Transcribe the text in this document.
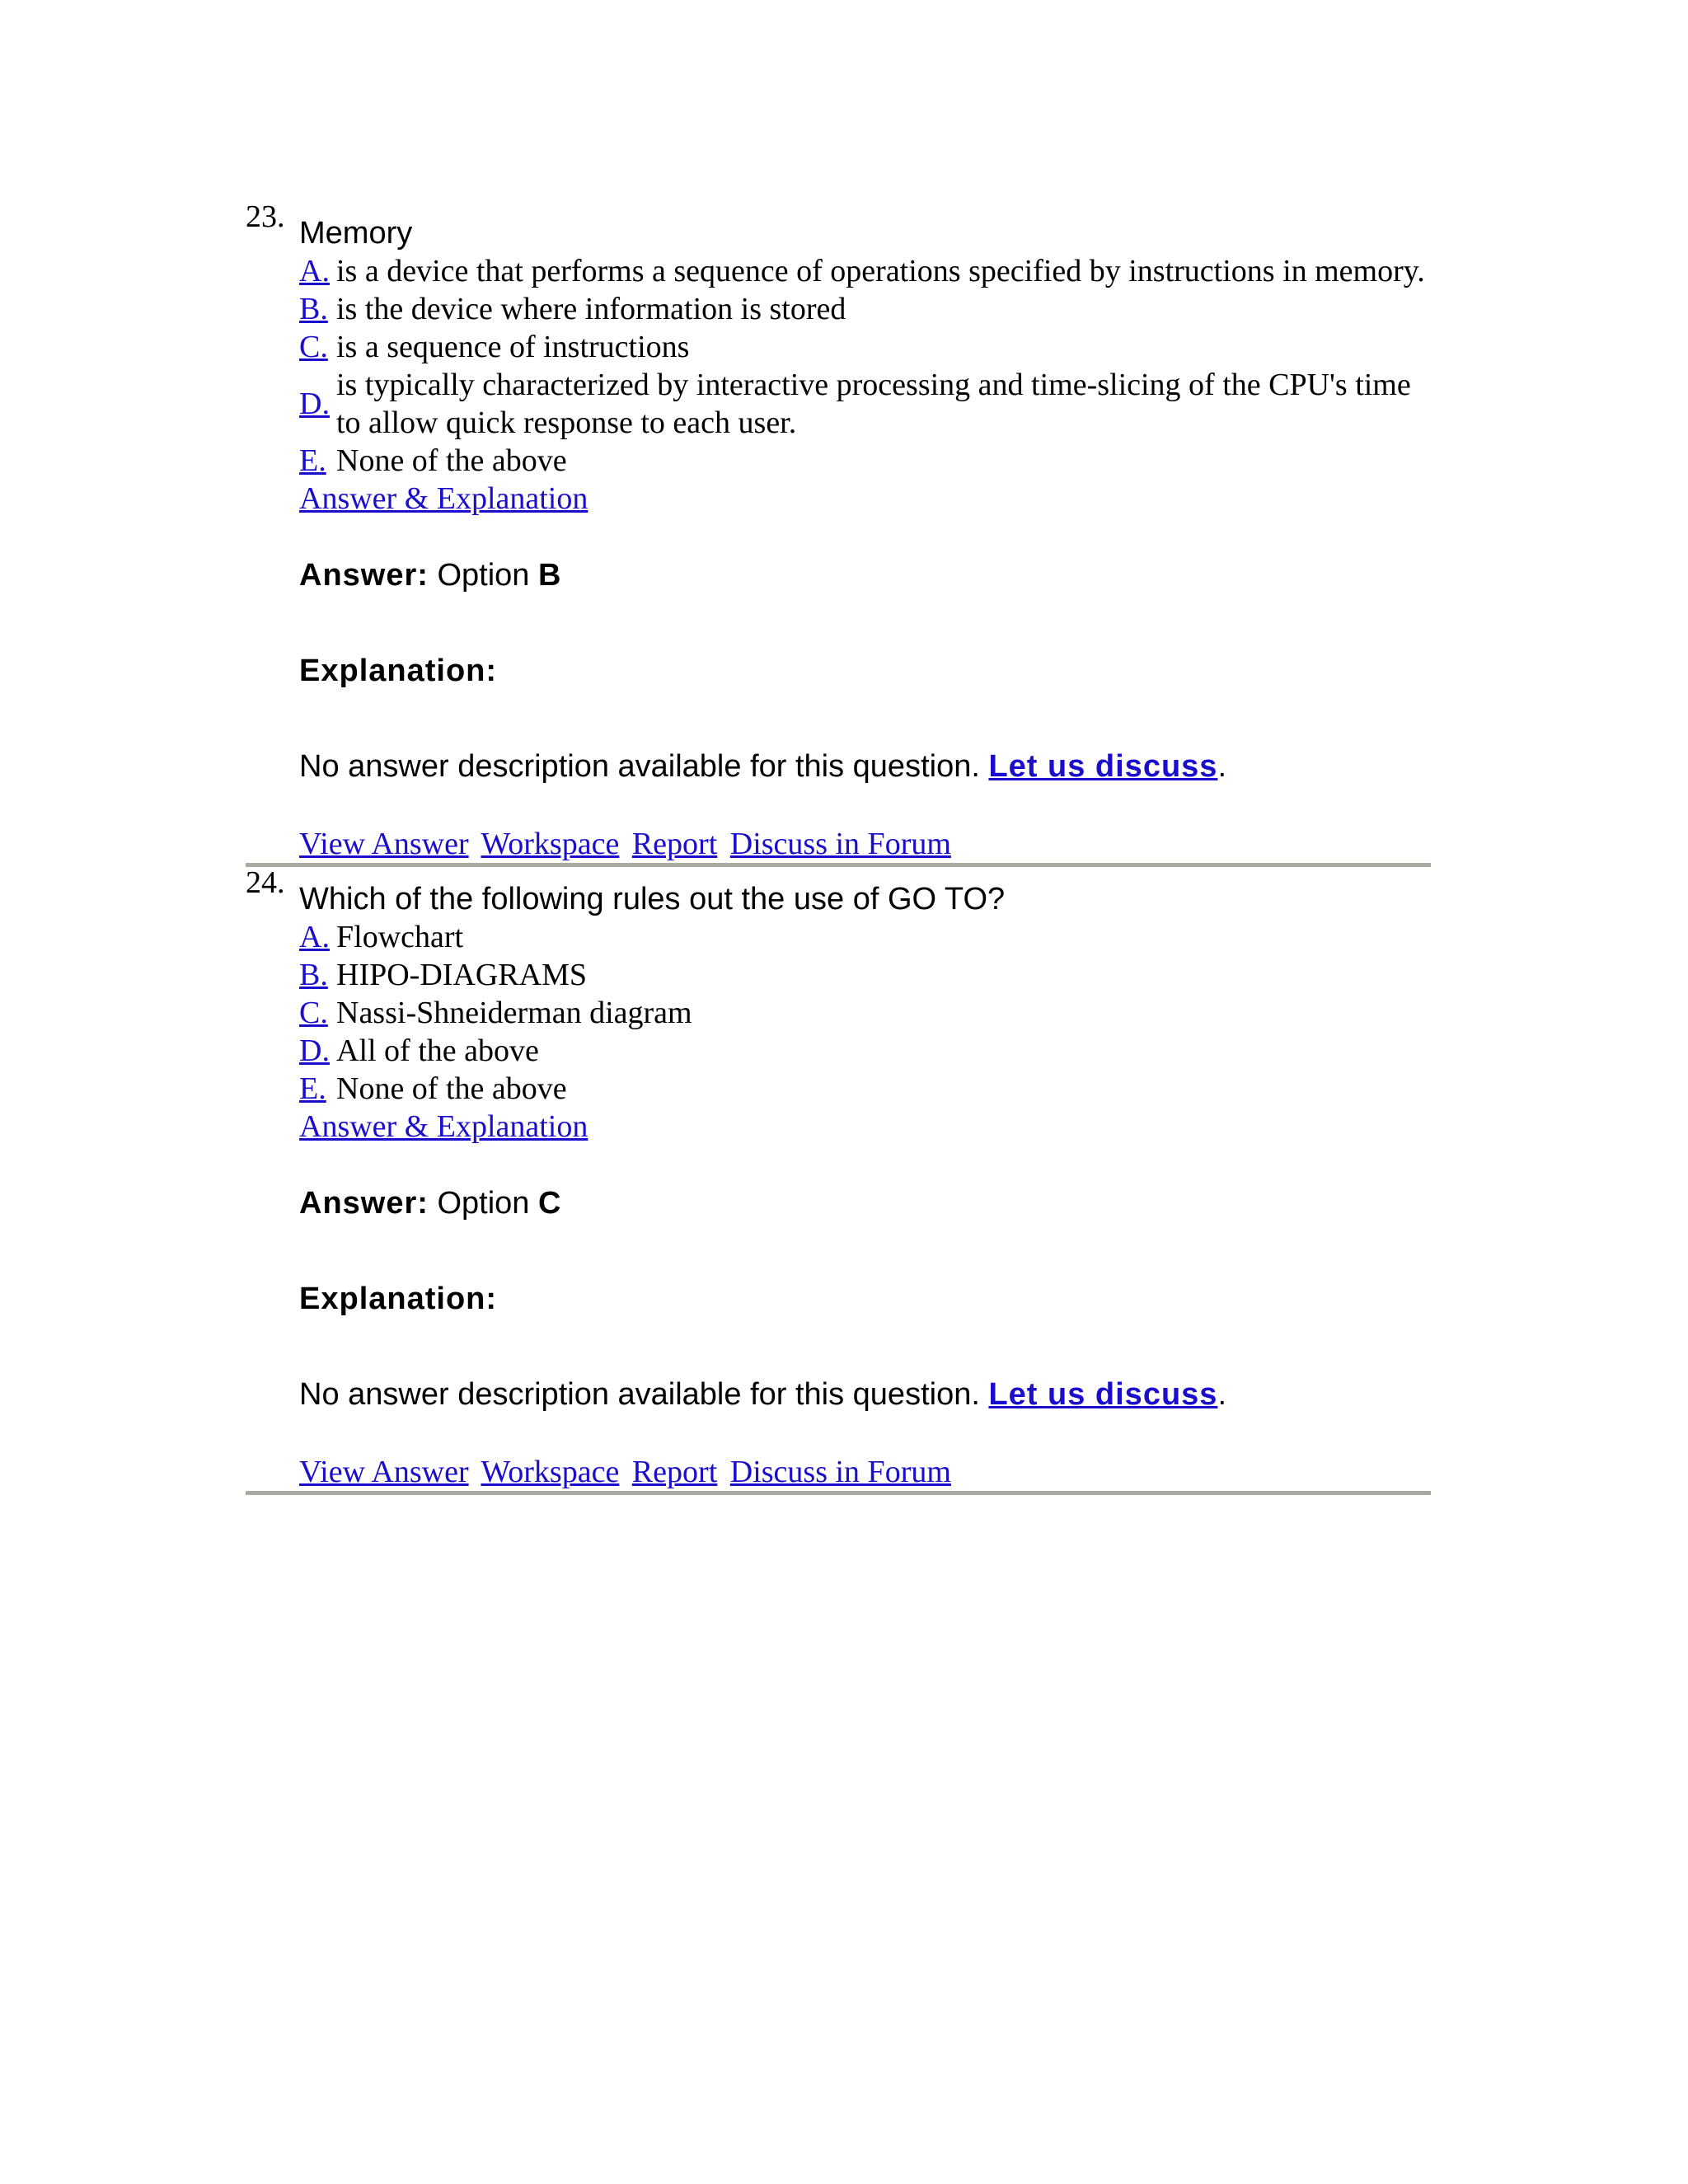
23. Memory
A.	is a device that performs a sequence of operations specified by instructions in memory.
B.	is the device where information is stored
C.	is a sequence of instructions
D.	is typically characterized by interactive processing and time-slicing of the CPU's time to allow quick response to each user.
E.	None of the above
Answer & Explanation
Answer: Option B
Explanation:
No answer description available for this question. Let us discuss.
View Answer Workspace Report Discuss in Forum
24. Which of the following rules out the use of GO TO?
A.	Flowchart
B.	HIPO-DIAGRAMS
C.	Nassi-Shneiderman diagram
D.	All of the above
E.	None of the above
Answer & Explanation
Answer: Option C
Explanation:
No answer description available for this question. Let us discuss.
View Answer Workspace Report Discuss in Forum
